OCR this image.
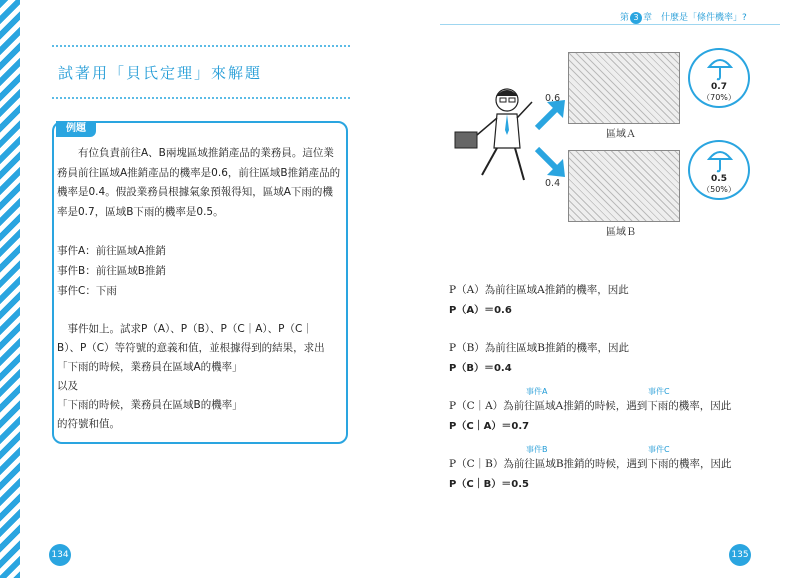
試著用「貝氏定理」來解題
例題
有位負責前往A、B兩塊區域推銷產品的業務員。這位業務員前往區域A推銷產品的機率是0.6，前往區域B推銷產品的機率是0.4。假設業務員根據氣象預報得知，區域A下雨的機率是0.7，區域B下雨的機率是0.5。
事件A：前往區域A推銷
事件B：前往區域B推銷
事件C：下雨
　事件如上。試求P（A）、P（B）、P（C｜A）、P（C｜
B）、P（C）等符號的意義和值，並根據得到的結果，求出
「下雨的時候，業務員在區域A的機率」
以及
「下雨的時候，業務員在區域B的機率」
的符號和值。
134
第 3 章　什麼是「條件機率」?
0.6
0.4
區域Ａ
區域Ｂ
0.7
（70%）
0.5
（50%）
P（A）為前往區域A推銷的機率，因此
P（A）＝0.6
P（B）為前往區域B推銷的機率，因此
P（B）＝0.4
事件A	事件C
P（C｜A）為前往區域A推銷的時候，遇到下雨的機率，因此
P（C｜A）＝0.7
事件B	事件C
P（C｜B）為前往區域B推銷的時候，遇到下雨的機率，因此
P（C｜B）＝0.5
135
